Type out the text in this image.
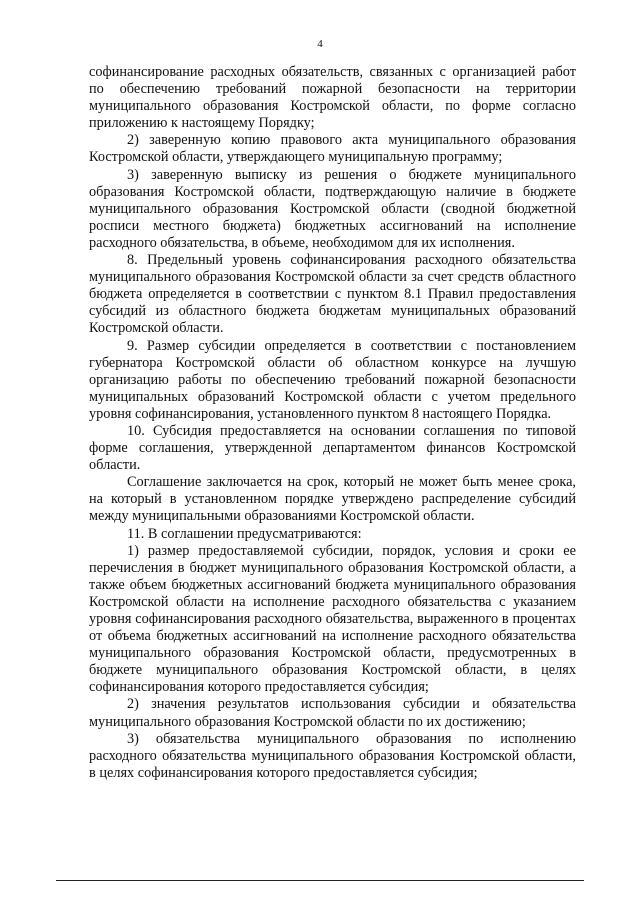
4

софинансирование расходных обязательств, связанных с организацией работ по обеспечению требований пожарной безопасности на территории муниципального образования Костромской области, по форме согласно приложению к настоящему Порядку;

2) заверенную копию правового акта муниципального образования Костромской области, утверждающего муниципальную программу;

3) заверенную выписку из решения о бюджете муниципального образования Костромской области, подтверждающую наличие в бюджете муниципального образования Костромской области (сводной бюджетной росписи местного бюджета) бюджетных ассигнований на исполнение расходного обязательства, в объеме, необходимом для их исполнения.

8. Предельный уровень софинансирования расходного обязательства муниципального образования Костромской области за счет средств областного бюджета определяется в соответствии с пунктом 8.1 Правил предоставления субсидий из областного бюджета бюджетам муниципальных образований Костромской области.

9. Размер субсидии определяется в соответствии с постановлением губернатора Костромской области об областном конкурсе на лучшую организацию работы по обеспечению требований пожарной безопасности муниципальных образований Костромской области с учетом предельного уровня софинансирования, установленного пунктом 8 настоящего Порядка.

10. Субсидия предоставляется на основании соглашения по типовой форме соглашения, утвержденной департаментом финансов Костромской области.

Соглашение заключается на срок, который не может быть менее срока, на который в установленном порядке утверждено распределение субсидий между муниципальными образованиями Костромской области.

11. В соглашении предусматриваются:

1) размер предоставляемой субсидии, порядок, условия и сроки ее перечисления в бюджет муниципального образования Костромской области, а также объем бюджетных ассигнований бюджета муниципального образования Костромской области на исполнение расходного обязательства с указанием уровня софинансирования расходного обязательства, выраженного в процентах от объема бюджетных ассигнований на исполнение расходного обязательства муниципального образования Костромской области, предусмотренных в бюджете муниципального образования Костромской области, в целях софинансирования которого предоставляется субсидия;

2) значения результатов использования субсидии и обязательства муниципального образования Костромской области по их достижению;

3) обязательства муниципального образования по исполнению расходного обязательства муниципального образования Костромской области, в целях софинансирования которого предоставляется субсидия;
